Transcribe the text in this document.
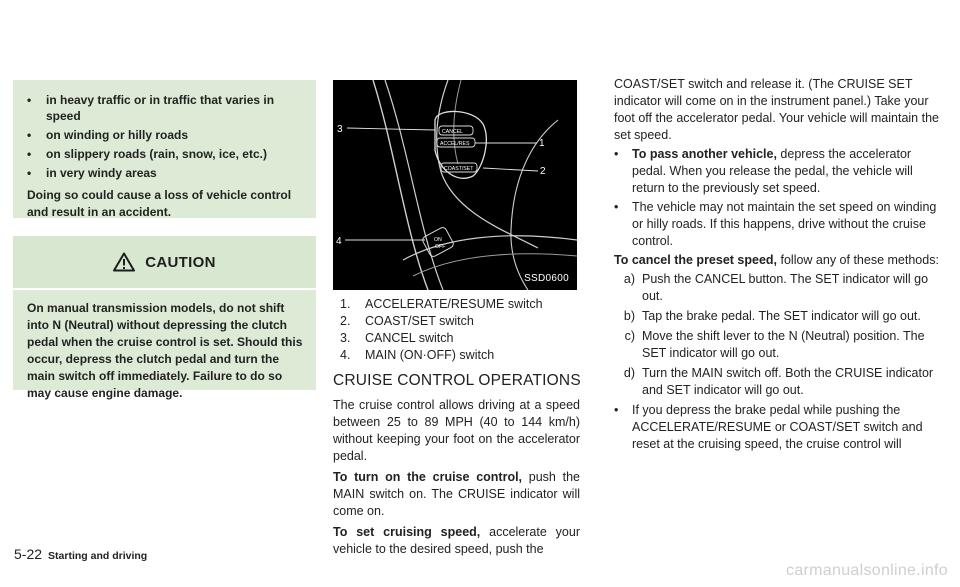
•	in heavy traffic or in traffic that varies in speed
•	on winding or hilly roads
•	on slippery roads (rain, snow, ice, etc.)
•	in very windy areas
Doing so could cause a loss of vehicle control and result in an accident.
CAUTION
On manual transmission models, do not shift into N (Neutral) without depressing the clutch pedal when the cruise control is set. Should this occur, depress the clutch pedal and turn the main switch off immediately. Failure to do so may cause engine damage.
CANCEL
ACCEL/RES
COAST/SET
ON
OFF
1
2
3
4
SSD0600
1.	ACCELERATE/RESUME switch
2.	COAST/SET switch
3.	CANCEL switch
4.	MAIN (ON·OFF) switch
CRUISE CONTROL OPERATIONS

The cruise control allows driving at a speed between 25 to 89 MPH (40 to 144 km/h) without keeping your foot on the accelerator pedal.

To turn on the cruise control, push the MAIN switch on. The CRUISE indicator will come on.

To set cruising speed, accelerate your vehicle to the desired speed, push the

COAST/SET switch and release it. (The CRUISE SET indicator will come on in the instrument panel.) Take your foot off the accelerator pedal. Your vehicle will maintain the set speed.

•	To pass another vehicle, depress the accelerator pedal. When you release the pedal, the vehicle will return to the previously set speed.
•	The vehicle may not maintain the set speed on winding or hilly roads. If this happens, drive without the cruise control.

To cancel the preset speed, follow any of these methods:

a) Push the CANCEL button. The SET indicator will go out.
b) Tap the brake pedal. The SET indicator will go out.
c) Move the shift lever to the N (Neutral) position. The SET indicator will go out.
d) Turn the MAIN switch off. Both the CRUISE indicator and SET indicator will go out.
•	If you depress the brake pedal while pushing the ACCELERATE/RESUME or COAST/SET switch and reset at the cruising speed, the cruise control will
5-22 Starting and driving
carmanualsonline.info
